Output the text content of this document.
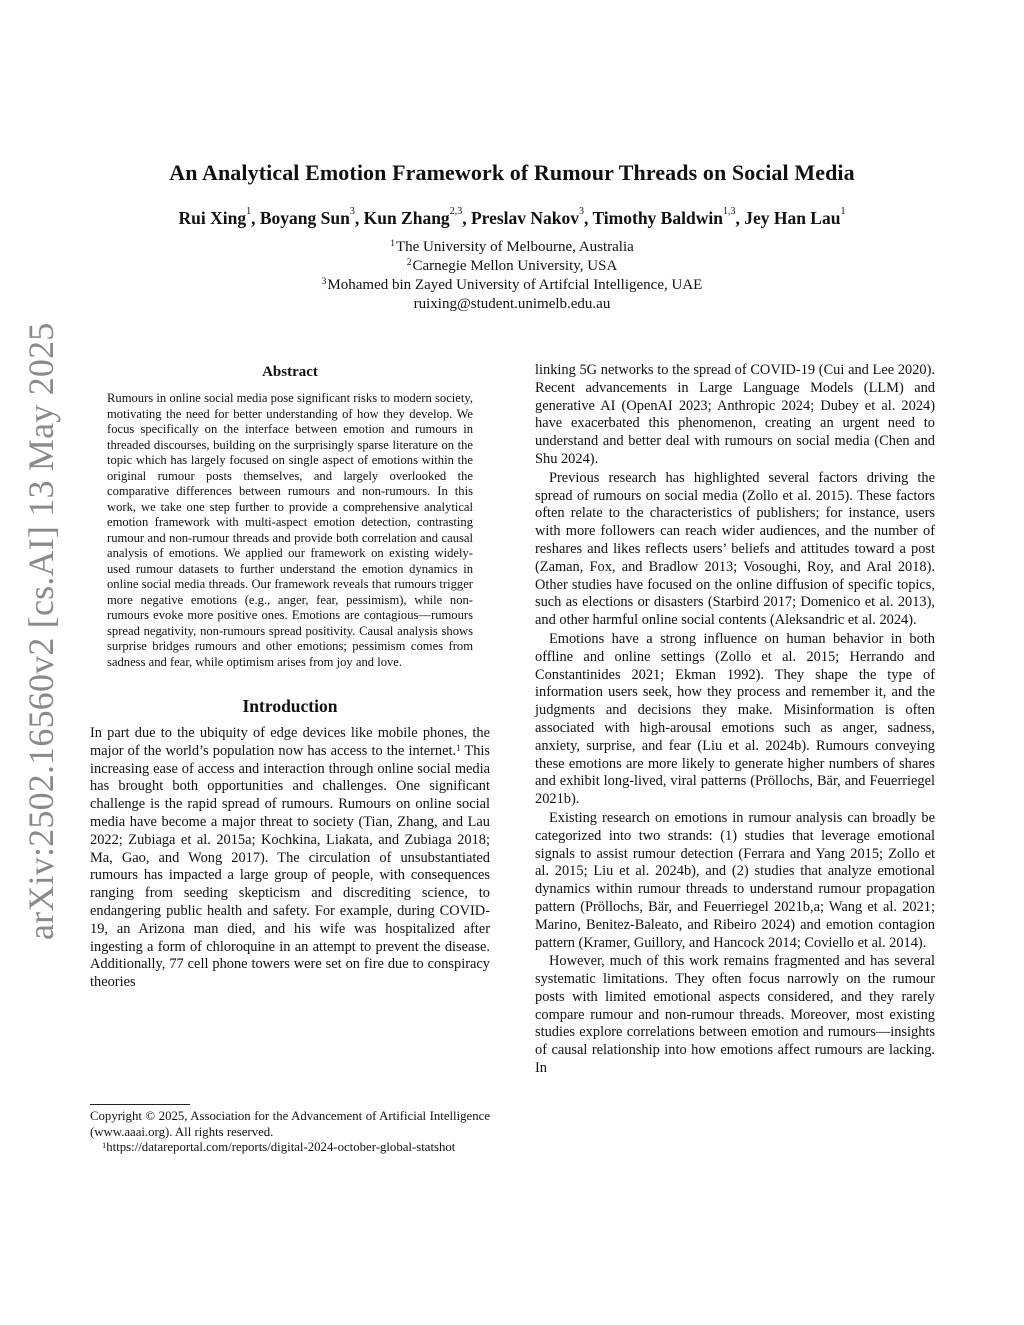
arXiv:2502.16560v2 [cs.AI] 13 May 2025
An Analytical Emotion Framework of Rumour Threads on Social Media
Rui Xing$^1$, Boyang Sun$^3$, Kun Zhang$^{2,3}$, Preslav Nakov$^3$, Timothy Baldwin$^{1,3}$, Jey Han Lau$^1$
$^1$The University of Melbourne, Australia
$^2$Carnegie Mellon University, USA
$^3$Mohamed bin Zayed University of Artifcial Intelligence, UAE
ruixing@student.unimelb.edu.au
Abstract

Rumours in online social media pose significant risks to modern society, motivating the need for better understanding of how they develop. We focus specifically on the interface between emotion and rumours in threaded discourses, building on the surprisingly sparse literature on the topic which has largely focused on single aspect of emotions within the original rumour posts themselves, and largely overlooked the comparative differences between rumours and non-rumours. In this work, we take one step further to provide a comprehensive analytical emotion framework with multi-aspect emotion detection, contrasting rumour and non-rumour threads and provide both correlation and causal analysis of emotions. We applied our framework on existing widely-used rumour datasets to further understand the emotion dynamics in online social media threads. Our framework reveals that rumours trigger more negative emotions (e.g., anger, fear, pessimism), while non-rumours evoke more positive ones. Emotions are contagious—rumours spread negativity, non-rumours spread positivity. Causal analysis shows surprise bridges rumours and other emotions; pessimism comes from sadness and fear, while optimism arises from joy and love.

Introduction

In part due to the ubiquity of edge devices like mobile phones, the major of the world’s population now has access to the internet.$^1$ This increasing ease of access and interaction through online social media has brought both opportunities and challenges. One significant challenge is the rapid spread of rumours. Rumours on online social media have become a major threat to society (Tian, Zhang, and Lau 2022; Zubiaga et al. 2015a; Kochkina, Liakata, and Zubiaga 2018; Ma, Gao, and Wong 2017). The circulation of unsubstantiated rumours has impacted a large group of people, with consequences ranging from seeding skepticism and discrediting science, to endangering public health and safety. For example, during COVID-19, an Arizona man died, and his wife was hospitalized after ingesting a form of chloroquine in an attempt to prevent the disease. Additionally, 77 cell phone towers were set on fire due to conspiracy theories

Copyright © 2025, Association for the Advancement of Artificial Intelligence (www.aaai.org). All rights reserved.

$^1$https://datareportal.com/reports/digital-2024-october-global-statshot

linking 5G networks to the spread of COVID-19 (Cui and Lee 2020). Recent advancements in Large Language Models (LLM) and generative AI (OpenAI 2023; Anthropic 2024; Dubey et al. 2024) have exacerbated this phenomenon, creating an urgent need to understand and better deal with rumours on social media (Chen and Shu 2024).

Previous research has highlighted several factors driving the spread of rumours on social media (Zollo et al. 2015). These factors often relate to the characteristics of publishers; for instance, users with more followers can reach wider audiences, and the number of reshares and likes reflects users’ beliefs and attitudes toward a post (Zaman, Fox, and Bradlow 2013; Vosoughi, Roy, and Aral 2018). Other studies have focused on the online diffusion of specific topics, such as elections or disasters (Starbird 2017; Domenico et al. 2013), and other harmful online social contents (Aleksandric et al. 2024).

Emotions have a strong influence on human behavior in both offline and online settings (Zollo et al. 2015; Herrando and Constantinides 2021; Ekman 1992). They shape the type of information users seek, how they process and remember it, and the judgments and decisions they make. Misinformation is often associated with high-arousal emotions such as anger, sadness, anxiety, surprise, and fear (Liu et al. 2024b). Rumours conveying these emotions are more likely to generate higher numbers of shares and exhibit long-lived, viral patterns (Pröllochs, Bär, and Feuerriegel 2021b).

Existing research on emotions in rumour analysis can broadly be categorized into two strands: (1) studies that leverage emotional signals to assist rumour detection (Ferrara and Yang 2015; Zollo et al. 2015; Liu et al. 2024b), and (2) studies that analyze emotional dynamics within rumour threads to understand rumour propagation pattern (Pröllochs, Bär, and Feuerriegel 2021b,a; Wang et al. 2021; Marino, Benitez-Baleato, and Ribeiro 2024) and emotion contagion pattern (Kramer, Guillory, and Hancock 2014; Coviello et al. 2014).

However, much of this work remains fragmented and has several systematic limitations. They often focus narrowly on the rumour posts with limited emotional aspects considered, and they rarely compare rumour and non-rumour threads. Moreover, most existing studies explore correlations between emotion and rumours—insights of causal relationship into how emotions affect rumours are lacking. In
